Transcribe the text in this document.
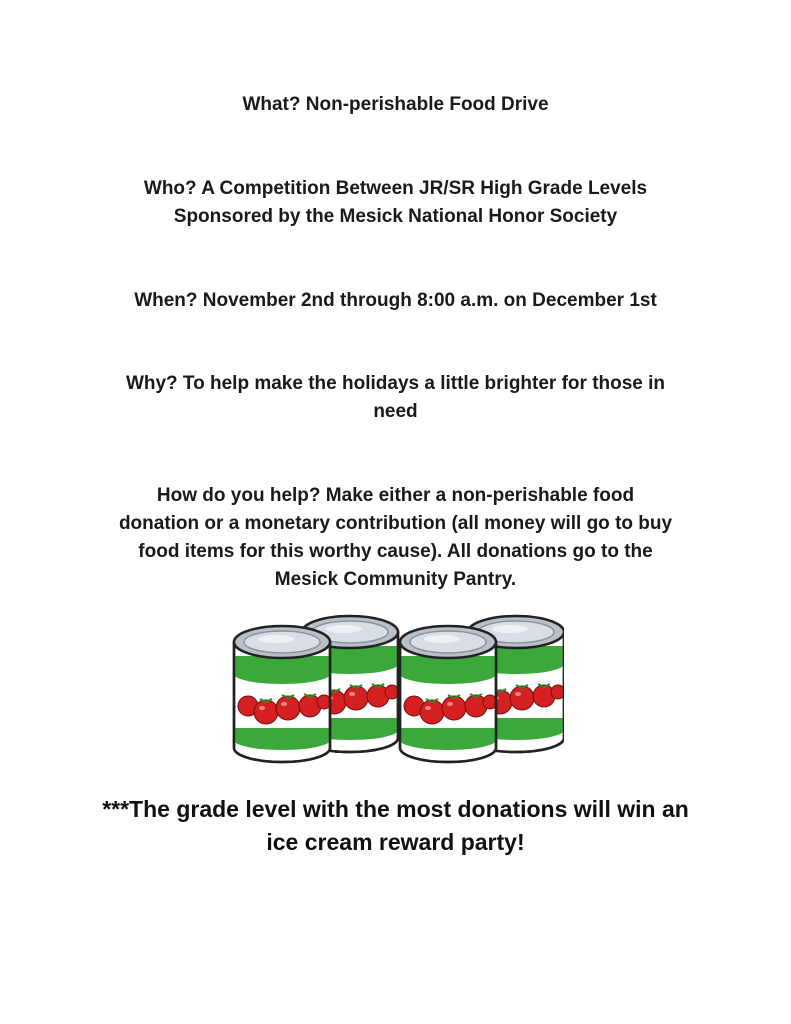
What? Non-perishable Food Drive
Who? A Competition Between JR/SR High Grade Levels
Sponsored by the Mesick National Honor Society
When? November 2nd through 8:00 a.m. on December 1st
Why? To help make the holidays a little brighter for those in
need
How do you help? Make either a non-perishable food
donation or a monetary contribution (all money will go to buy
food items for this worthy cause). All donations go to the
Mesick Community Pantry.
***The grade level with the most donations will win an
ice cream reward party!
